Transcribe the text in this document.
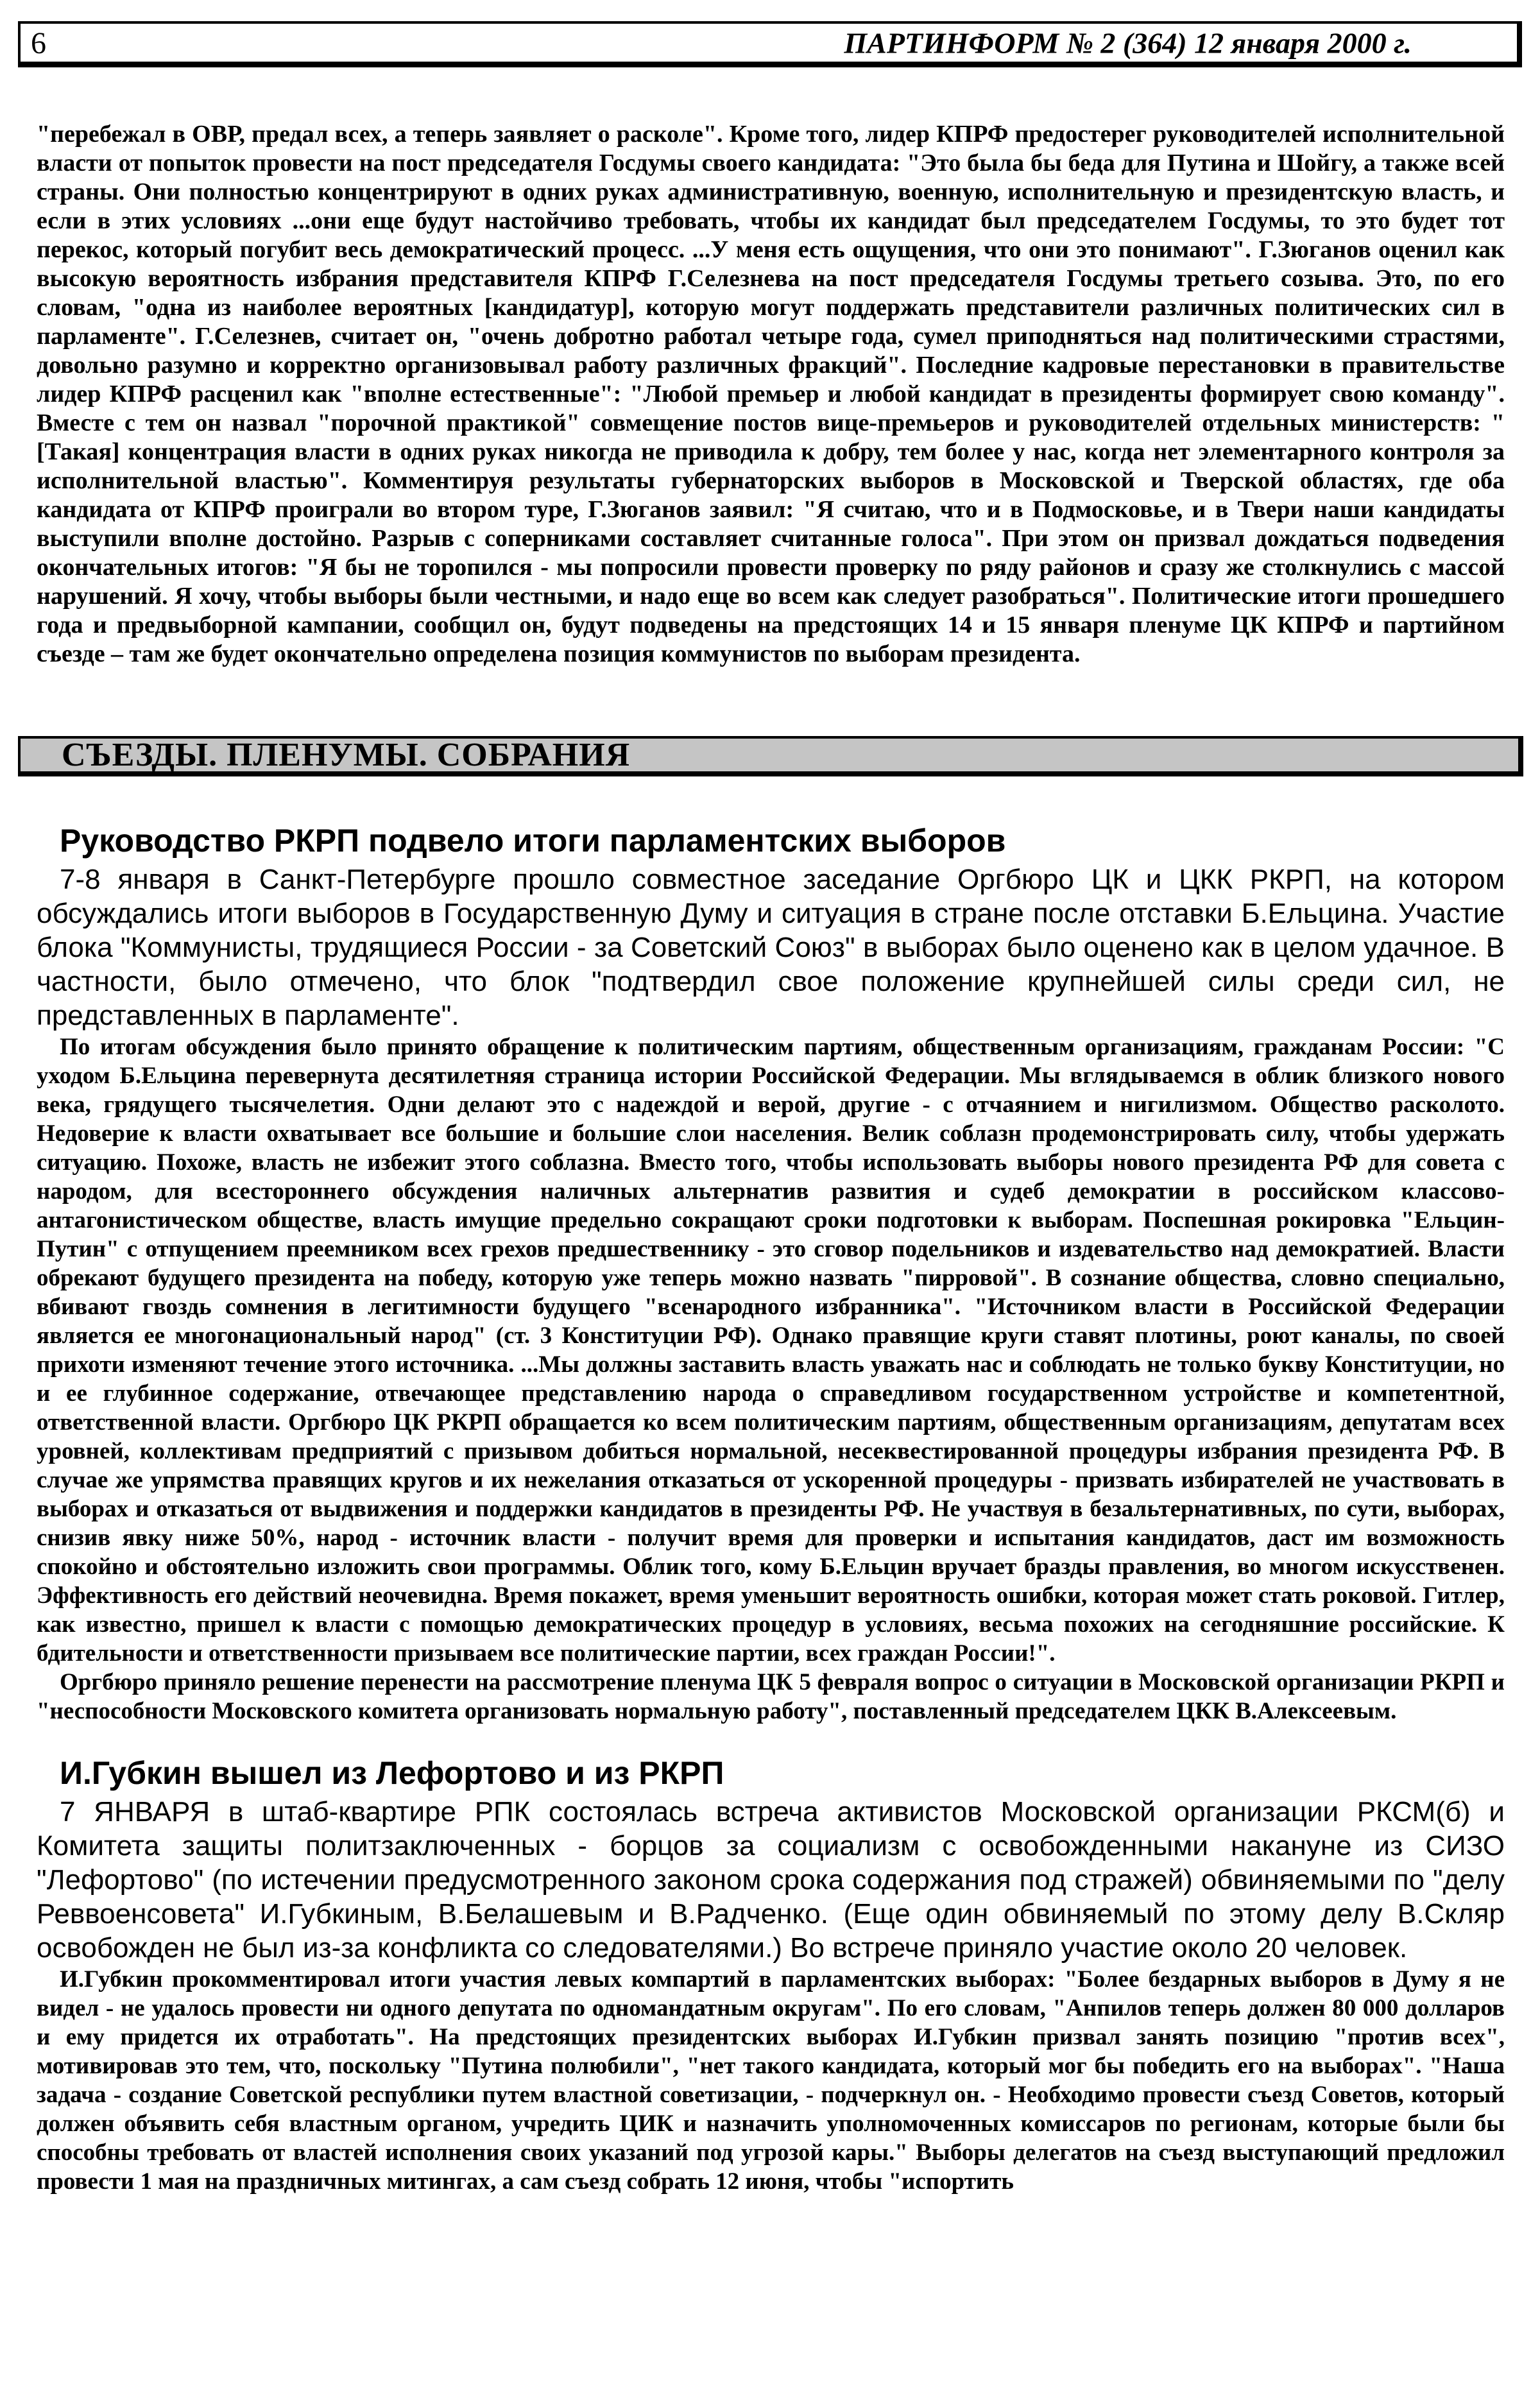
6	ПАРТИНФОРМ № 2 (364) 12 января 2000 г.

"перебежал в ОВР, предал всех, а теперь заявляет о расколе". Кроме того, лидер КПРФ предостерег руководителей исполнительной власти от попыток провести на пост председателя Госдумы своего кандидата: "Это была бы беда для Путина и Шойгу, а также всей страны. Они полностью концентрируют в одних руках административную, военную, исполнительную и президентскую власть, и если в этих условиях ...они еще будут настойчиво требовать, чтобы их кандидат был председателем Госдумы, то это будет тот перекос, который погубит весь демократический процесс. ...У меня есть ощущения, что они это понимают". Г.Зюганов оценил как высокую вероятность избрания представителя КПРФ Г.Селезнева на пост председателя Госдумы третьего созыва. Это, по его словам, "одна из наиболее вероятных [кандидатур], которую могут поддержать представители различных политических сил в парламенте". Г.Селезнев, считает он, "очень добротно работал четыре года, сумел приподняться над политическими страстями, довольно разумно и корректно организовывал работу различных фракций". Последние кадровые перестановки в правительстве лидер КПРФ расценил как "вполне естественные": "Любой премьер и любой кандидат в президенты формирует свою команду". Вместе с тем он назвал "порочной практикой" совмещение постов вице-премьеров и руководителей отдельных министерств: "[Такая] концентрация власти в одних руках никогда не приводила к добру, тем более у нас, когда нет элементарного контроля за исполнительной властью". Комментируя результаты губернаторских выборов в Московской и Тверской областях, где оба кандидата от КПРФ проиграли во втором туре, Г.Зюганов заявил: "Я считаю, что и в Подмосковье, и в Твери наши кандидаты выступили вполне достойно. Разрыв с соперниками составляет считанные голоса". При этом он призвал дождаться подведения окончательных итогов: "Я бы не торопился - мы попросили провести проверку по ряду районов и сразу же столкнулись с массой нарушений. Я хочу, чтобы выборы были честными, и надо еще во всем как следует разобраться". Политические итоги прошедшего года и предвыборной кампании, сообщил он, будут подведены на предстоящих 14 и 15 января пленуме ЦК КПРФ и партийном съезде – там же будет окончательно определена позиция коммунистов по выборам президента.

СЪЕЗДЫ. ПЛЕНУМЫ. СОБРАНИЯ
Руководство РКРП подвело итоги парламентских выборов

7-8 января в Санкт-Петербурге прошло совместное заседание Оргбюро ЦК и ЦКК РКРП, на котором обсуждались итоги выборов в Государственную Думу и ситуация в стране после отставки Б.Ельцина. Участие блока "Коммунисты, трудящиеся России - за Советский Союз" в выборах было оценено как в целом удачное. В частности, было отмечено, что блок "подтвердил свое положение крупнейшей силы среди сил, не представленных в парламенте".

По итогам обсуждения было принято обращение к политическим партиям, общественным организациям, гражданам России: "С уходом Б.Ельцина перевернута десятилетняя страница истории Российской Федерации. Мы вглядываемся в облик близкого нового века, грядущего тысячелетия. Одни делают это с надеждой и верой, другие - с отчаянием и нигилизмом. Общество расколото. Недоверие к власти охватывает все большие и большие слои населения. Велик соблазн продемонстрировать силу, чтобы удержать ситуацию. Похоже, власть не избежит этого соблазна. Вместо того, чтобы использовать выборы нового президента РФ для совета с народом, для всестороннего обсуждения наличных альтернатив развития и судеб демократии в российском классово-антагонистическом обществе, власть имущие предельно сокращают сроки подготовки к выборам. Поспешная рокировка "Ельцин-Путин" с отпущением преемником всех грехов предшественнику - это сговор подельников и издевательство над демократией. Власти обрекают будущего президента на победу, которую уже теперь можно назвать "пирровой". В сознание общества, словно специально, вбивают гвоздь сомнения в легитимности будущего "всенародного избранника". "Источником власти в Российской Федерации является ее многонациональный народ" (ст. 3 Конституции РФ). Однако правящие круги ставят плотины, роют каналы, по своей прихоти изменяют течение этого источника. ...Мы должны заставить власть уважать нас и соблюдать не только букву Конституции, но и ее глубинное содержание, отвечающее представлению народа о справедливом государственном устройстве и компетентной, ответственной власти. Оргбюро ЦК РКРП обращается ко всем политическим партиям, общественным организациям, депутатам всех уровней, коллективам предприятий с призывом добиться нормальной, несеквестированной процедуры избрания президента РФ. В случае же упрямства правящих кругов и их нежелания отказаться от ускоренной процедуры - призвать избирателей не участвовать в выборах и отказаться от выдвижения и поддержки кандидатов в президенты РФ. Не участвуя в безальтернативных, по сути, выборах, снизив явку ниже 50%, народ - источник власти - получит время для проверки и испытания кандидатов, даст им возможность спокойно и обстоятельно изложить свои программы. Облик того, кому Б.Ельцин вручает бразды правления, во многом искусственен. Эффективность его действий неочевидна. Время покажет, время уменьшит вероятность ошибки, которая может стать роковой. Гитлер, как известно, пришел к власти с помощью демократических процедур в условиях, весьма похожих на сегодняшние российские. К бдительности и ответственности призываем все политические партии, всех граждан России!".

Оргбюро приняло решение перенести на рассмотрение пленума ЦК 5 февраля вопрос о ситуации в Московской организации РКРП и "неспособности Московского комитета организовать нормальную работу", поставленный председателем ЦКК В.Алексеевым.

И.Губкин вышел из Лефортово и из РКРП

7 ЯНВАРЯ в штаб-квартире РПК состоялась встреча активистов Московской организации РКСМ(б) и Комитета защиты политзаключенных - борцов за социализм с освобожденными накануне из СИЗО "Лефортово" (по истечении предусмотренного законом срока содержания под стражей) обвиняемыми по "делу Реввоенсовета" И.Губкиным, В.Белашевым и В.Радченко. (Еще один обвиняемый по этому делу В.Скляр освобожден не был из-за конфликта со следователями.) Во встрече приняло участие около 20 человек.

И.Губкин прокомментировал итоги участия левых компартий в парламентских выборах: "Более бездарных выборов в Думу я не видел - не удалось провести ни одного депутата по одномандатным округам". По его словам, "Анпилов теперь должен 80 000 долларов и ему придется их отработать". На предстоящих президентских выборах И.Губкин призвал занять позицию "против всех", мотивировав это тем, что, поскольку "Путина полюбили", "нет такого кандидата, который мог бы победить его на выборах". "Наша задача - создание Советской республики путем властной советизации, - подчеркнул он. - Необходимо провести съезд Советов, который должен объявить себя властным органом, учредить ЦИК и назначить уполномоченных комиссаров по регионам, которые были бы способны требовать от властей исполнения своих указаний под угрозой кары." Выборы делегатов на съезд выступающий предложил провести 1 мая на праздничных митингах, а сам съезд собрать 12 июня, чтобы "испортить
